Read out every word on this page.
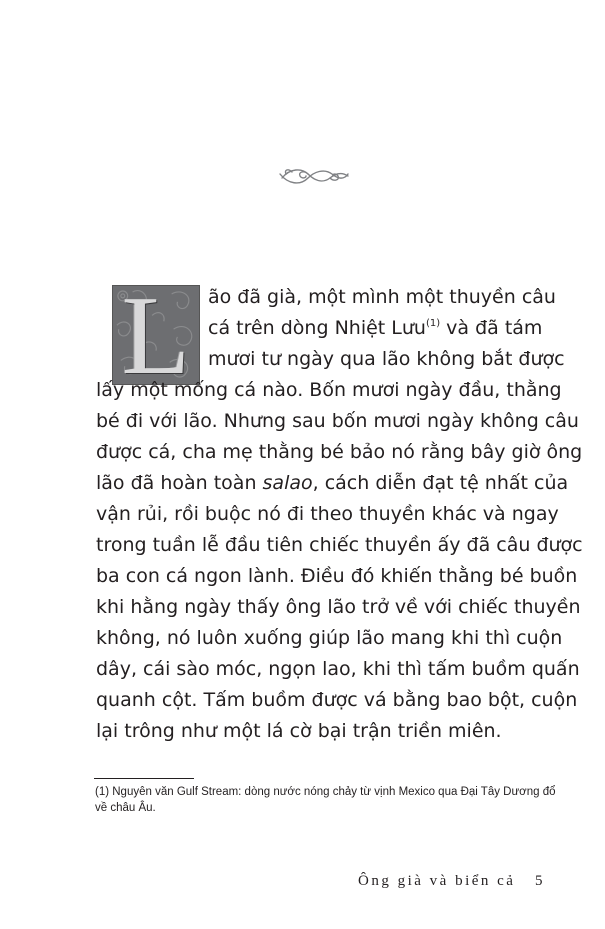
L ão đã già, một mình một thuyền câu
cá trên dòng Nhiệt Lưu$^{(1)}$ và đã tám
mươi tư ngày qua lão không bắt được
lấy một mống cá nào. Bốn mươi ngày đầu, thằng
bé đi với lão. Nhưng sau bốn mươi ngày không câu
được cá, cha mẹ thằng bé bảo nó rằng bây giờ ông
lão đã hoàn toàn salao, cách diễn đạt tệ nhất của
vận rủi, rồi buộc nó đi theo thuyền khác và ngay
trong tuần lễ đầu tiên chiếc thuyền ấy đã câu được
ba con cá ngon lành. Điều đó khiến thằng bé buồn
khi hằng ngày thấy ông lão trở về với chiếc thuyền
không, nó luôn xuống giúp lão mang khi thì cuộn
dây, cái sào móc, ngọn lao, khi thì tấm buồm quấn
quanh cột. Tấm buồm được vá bằng bao bột, cuộn
lại trông như một lá cờ bại trận triền miên.
(1) Nguyên văn Gulf Stream: dòng nước nóng chảy từ vịnh Mexico qua Đại Tây Dương đổ về châu Âu.
Ông già và biển cả 5
